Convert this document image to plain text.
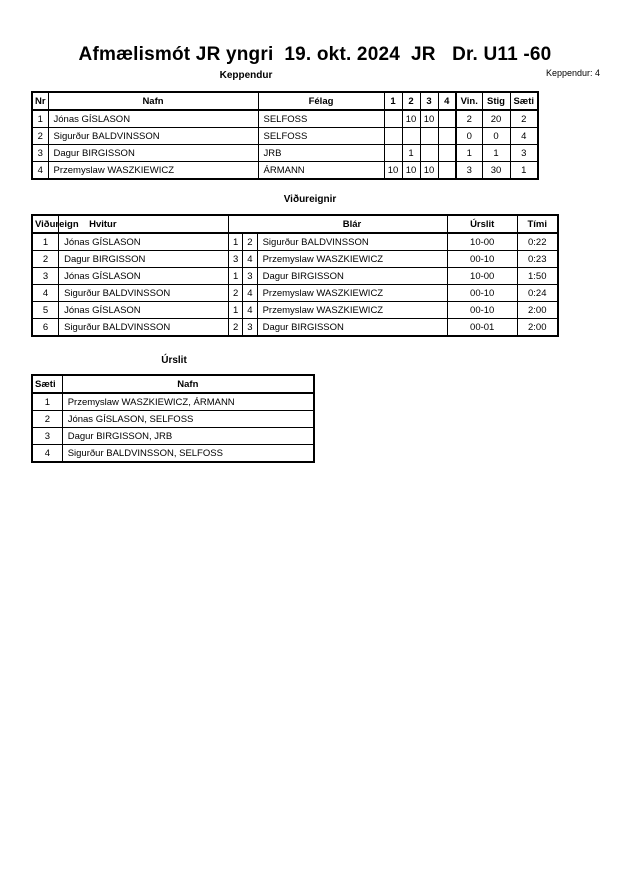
Afmælismót JR yngri  19. okt. 2024  JR   Dr. U11 -60
Keppendur: 4
Keppendur
Nr	Nafn	Félag	1	2	3	4	Vin.	Stig	Sæti
1	Jónas GÍSLASON	SELFOSS		10	10		2	20	2
2	Sigurður BALDVINSSON	SELFOSS					0	0	4
3	Dagur BIRGISSON	JRB		1			1	1	3
4	Przemyslaw WASZKIEWICZ	ÁRMANN	10	10	10		3	30	1
Viðureignir
Viðureign	Hvitur			Blár	Úrslit	Tími
1	Jónas GÍSLASON	1	2	Sigurður BALDVINSSON	10-00	0:22
2	Dagur BIRGISSON	3	4	Przemyslaw WASZKIEWICZ	00-10	0:23
3	Jónas GÍSLASON	1	3	Dagur BIRGISSON	10-00	1:50
4	Sigurður BALDVINSSON	2	4	Przemyslaw WASZKIEWICZ	00-10	0:24
5	Jónas GÍSLASON	1	4	Przemyslaw WASZKIEWICZ	00-10	2:00
6	Sigurður BALDVINSSON	2	3	Dagur BIRGISSON	00-01	2:00
Úrslit
Sæti	Nafn
1	Przemyslaw WASZKIEWICZ, ÁRMANN
2	Jónas GÍSLASON, SELFOSS
3	Dagur BIRGISSON, JRB
4	Sigurður BALDVINSSON, SELFOSS
